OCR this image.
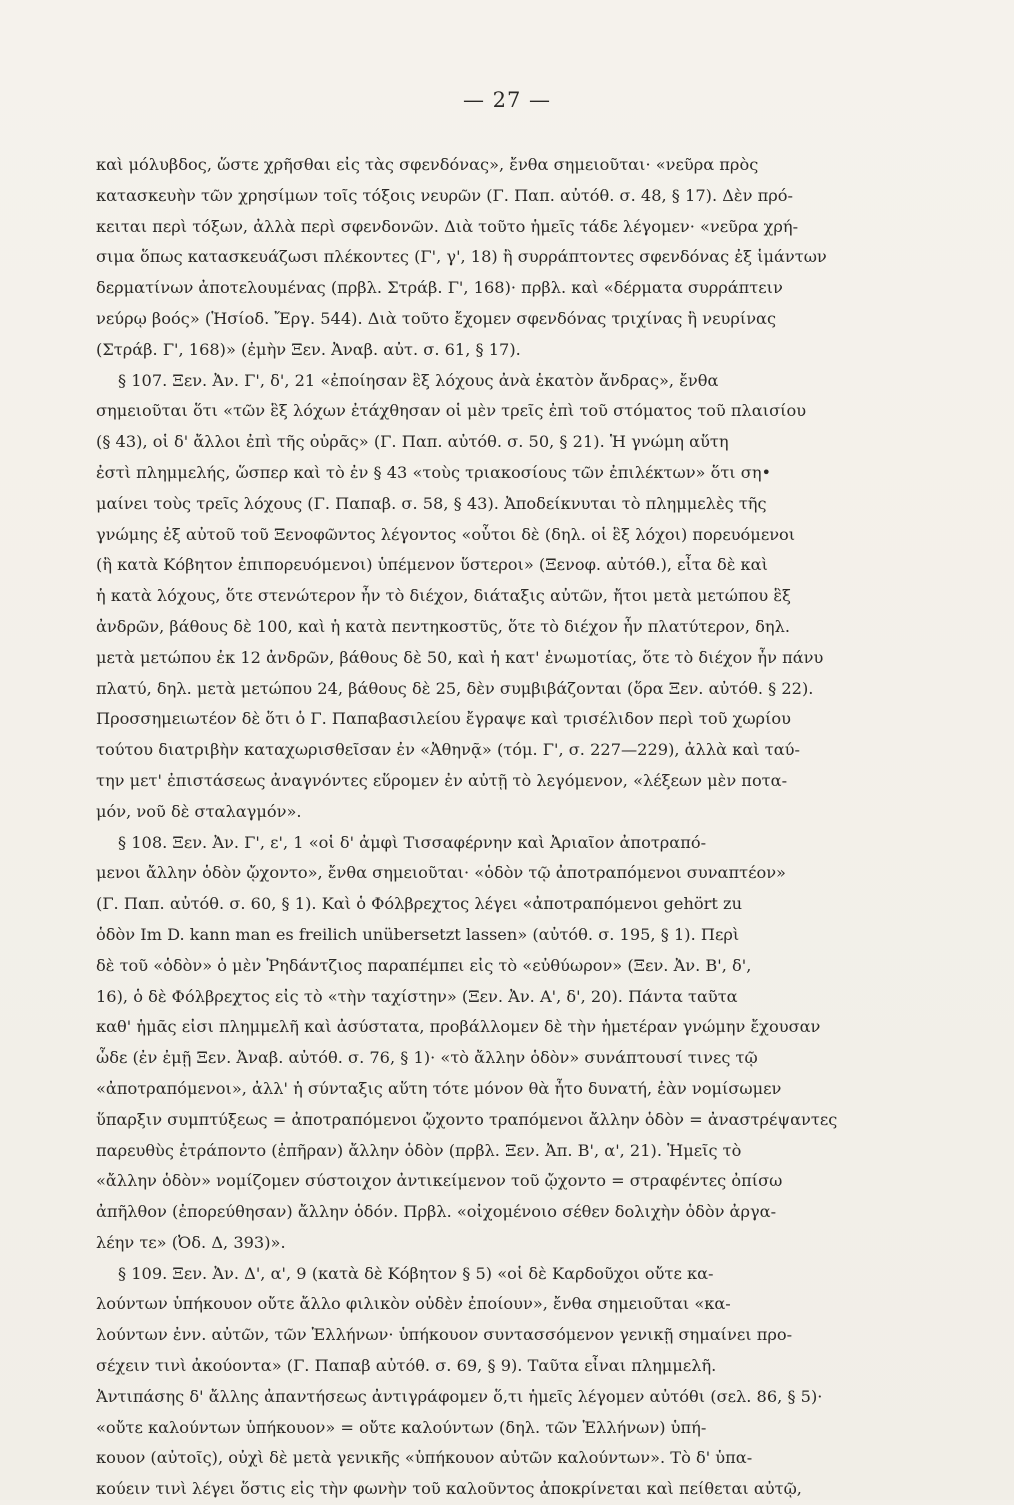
— 27 —
καὶ μόλυβδος, ὥστε χρῆσθαι εἰς τὰς σφενδόνας», ἔνθα σημειοῦται· «νεῦρα πρὸς
κατασκευὴν τῶν χρησίμων τοῖς τόξοις νευρῶν (Γ. Παπ. αὐτόθ. σ. 48, § 17). Δὲν πρό-
κειται περὶ τόξων, ἀλλὰ περὶ σφενδονῶν. Διὰ τοῦτο ἡμεῖς τάδε λέγομεν· «νεῦρα χρή-
σιμα ὅπως κατασκευάζωσι πλέκοντες (Γ', γ', 18) ἢ συρράπτοντες σφενδόνας ἐξ ἱμάντων
δερματίνων ἀποτελουμένας (πρβλ. Στράβ. Γ', 168)· πρβλ. καὶ «δέρματα συρράπτειν
νεύρῳ βοός» (Ἡσίοδ. Ἔργ. 544). Διὰ τοῦτο ἔχομεν σφενδόνας τριχίνας ἢ νευρίνας
(Στράβ. Γ', 168)» (ἐμὴν Ξεν. Ἀναβ. αὐτ. σ. 61, § 17).
§ 107. Ξεν. Ἀν. Γ', δ', 21 «ἐποίησαν ἓξ λόχους ἀνὰ ἑκατὸν ἄνδρας», ἔνθα
σημειοῦται ὅτι «τῶν ἓξ λόχων ἐτάχθησαν οἱ μὲν τρεῖς ἐπὶ τοῦ στόματος τοῦ πλαισίου
(§ 43), οἱ δ' ἄλλοι ἐπὶ τῆς οὐρᾶς» (Γ. Παπ. αὐτόθ. σ. 50, § 21). Ἡ γνώμη αὕτη
ἐστὶ πλημμελής, ὥσπερ καὶ τὸ ἐν § 43 «τοὺς τριακοσίους τῶν ἐπιλέκτων» ὅτι ση•
μαίνει τοὺς τρεῖς λόχους (Γ. Παπαβ. σ. 58, § 43). Ἀποδείκνυται τὸ πλημμελὲς τῆς
γνώμης ἐξ αὐτοῦ τοῦ Ξενοφῶντος λέγοντος «οὗτοι δὲ (δηλ. οἱ ἓξ λόχοι) πορευόμενοι
(ἢ κατὰ Κόβητον ἐπιπορευόμενοι) ὑπέμενον ὕστεροι» (Ξενοφ. αὐτόθ.), εἶτα δὲ καὶ
ἡ κατὰ λόχους, ὅτε στενώτερον ἦν τὸ διέχον, διάταξις αὐτῶν, ἤτοι μετὰ μετώπου ἓξ
ἀνδρῶν, βάθους δὲ 100, καὶ ἡ κατὰ πεντηκοστῦς, ὅτε τὸ διέχον ἦν πλατύτερον, δηλ.
μετὰ μετώπου ἐκ 12 ἀνδρῶν, βάθους δὲ 50, καὶ ἡ κατ' ἐνωμοτίας, ὅτε τὸ διέχον ἦν πάνυ
πλατύ, δηλ. μετὰ μετώπου 24, βάθους δὲ 25, δὲν συμβιβάζονται (ὅρα Ξεν. αὐτόθ. § 22).
Προσσημειωτέον δὲ ὅτι ὁ Γ. Παπαβασιλείου ἔγραψε καὶ τρισέλιδον περὶ τοῦ χωρίου
τούτου διατριβὴν καταχωρισθεῖσαν ἐν «Ἀθηνᾷ» (τόμ. Γ', σ. 227—229), ἀλλὰ καὶ ταύ-
την μετ' ἐπιστάσεως ἀναγνόντες εὕρομεν ἐν αὐτῇ τὸ λεγόμενον, «λέξεων μὲν ποτα-
μόν, νοῦ δὲ σταλαγμόν».
§ 108. Ξεν. Ἀν. Γ', ε', 1 «οἱ δ' ἀμφὶ Τισσαφέρνην καὶ Ἀριαῖον ἀποτραπό-
μενοι ἄλλην ὁδὸν ᾤχοντο», ἔνθα σημειοῦται· «ὁδὸν τῷ ἀποτραπόμενοι συναπτέον»
(Γ. Παπ. αὐτόθ. σ. 60, § 1). Καὶ ὁ Φόλβρεχτος λέγει «ἀποτραπόμενοι gehört zu
ὁδὸν Im D. kann man es freilich unübersetzt lassen» (αὐτόθ. σ. 195, § 1). Περὶ
δὲ τοῦ «ὁδὸν» ὁ μὲν Ῥηδάντζιος παραπέμπει εἰς τὸ «εὐθύωρον» (Ξεν. Ἀν. Β', δ',
16), ὁ δὲ Φόλβρεχτος εἰς τὸ «τὴν ταχίστην» (Ξεν. Ἀν. Α', δ', 20). Πάντα ταῦτα
καθ' ἡμᾶς εἰσι πλημμελῆ καὶ ἀσύστατα, προβάλλομεν δὲ τὴν ἡμετέραν γνώμην ἔχουσαν
ὧδε (ἐν ἐμῇ Ξεν. Ἀναβ. αὐτόθ. σ. 76, § 1)· «τὸ ἄλλην ὁδὸν» συνάπτουσί τινες τῷ
«ἀποτραπόμενοι», ἀλλ' ἡ σύνταξις αὕτη τότε μόνον θὰ ἦτο δυνατή, ἐὰν νομίσωμεν
ὕπαρξιν συμπτύξεως = ἀποτραπόμενοι ᾤχοντο τραπόμενοι ἄλλην ὁδὸν = ἀναστρέψαντες
παρευθὺς ἐτράποντο (ἐπῆραν) ἄλλην ὁδὸν (πρβλ. Ξεν. Ἀπ. Β', α', 21). Ἡμεῖς τὸ
«ἄλλην ὁδὸν» νομίζομεν σύστοιχον ἀντικείμενον τοῦ ᾤχοντο = στραφέντες ὀπίσω
ἀπῆλθον (ἐπορεύθησαν) ἄλλην ὁδόν. Πρβλ. «οἰχομένοιο σέθεν δολιχὴν ὁδὸν ἀργα-
λέην τε» (Ὀδ. Δ, 393)».
§ 109. Ξεν. Ἀν. Δ', α', 9 (κατὰ δὲ Κόβητον § 5) «οἱ δὲ Καρδοῦχοι οὔτε κα-
λούντων ὑπήκουον οὔτε ἄλλο φιλικὸν οὐδὲν ἐποίουν», ἔνθα σημειοῦται «κα-
λούντων ἐνν. αὐτῶν, τῶν Ἑλλήνων· ὑπήκουον συντασσόμενον γενικῇ σημαίνει προ-
σέχειν τινὶ ἀκούοντα» (Γ. Παπαβ αὐτόθ. σ. 69, § 9). Ταῦτα εἶναι πλημμελῆ.
Ἀντιπάσης δ' ἄλλης ἀπαντήσεως ἀντιγράφομεν ὅ,τι ἡμεῖς λέγομεν αὐτόθι (σελ. 86, § 5)·
«οὔτε καλούντων ὑπήκουον» = οὔτε καλούντων (δηλ. τῶν Ἑλλήνων) ὑπή-
κουον (αὐτοῖς), οὐχὶ δὲ μετὰ γενικῆς «ὑπήκουον αὐτῶν καλούντων». Τὸ δ' ὑπα-
κούειν τινὶ λέγει ὅστις εἰς τὴν φωνὴν τοῦ καλοῦντος ἀποκρίνεται καὶ πείθεται αὐτῷ,
